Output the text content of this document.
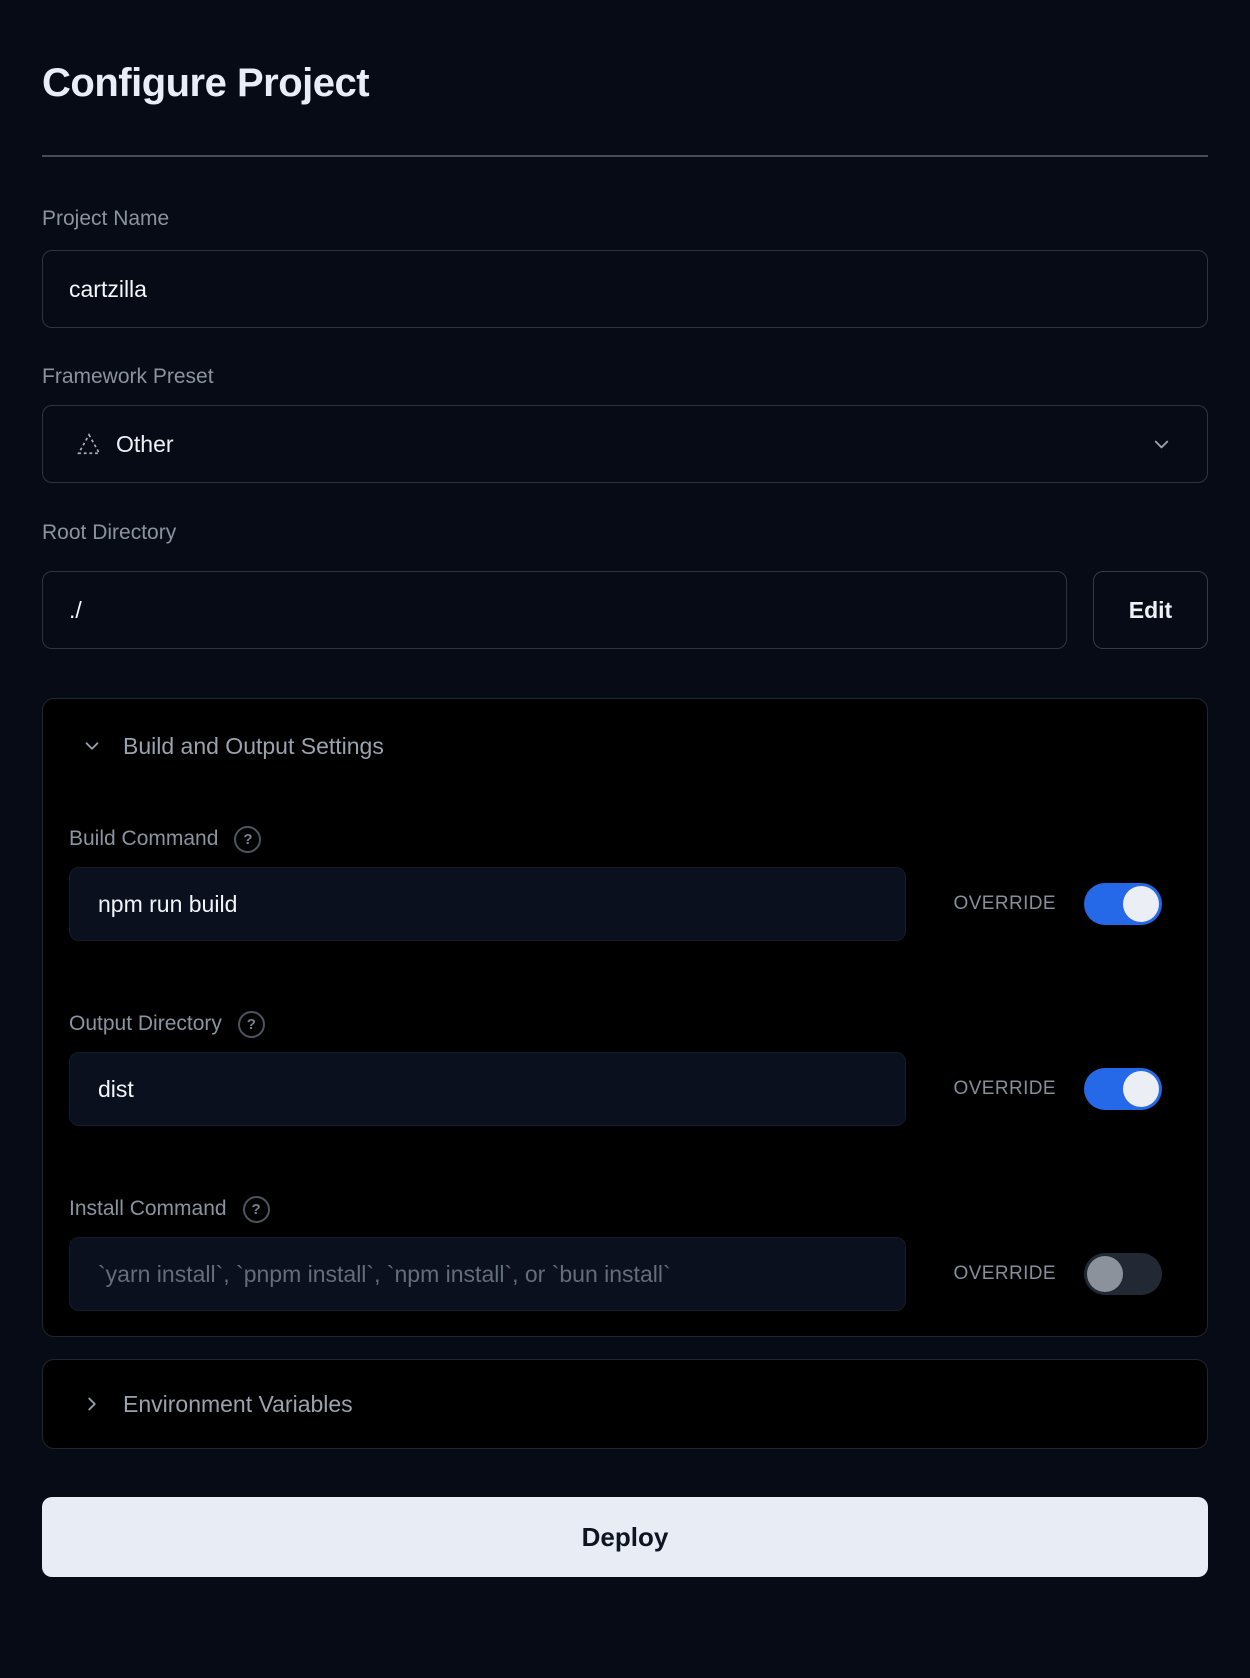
Configure Project
Project Name
cartzilla
Framework Preset
Other
Root Directory
./
Edit
Build and Output Settings
Build Command	?
npm run build
OVERRIDE
Output Directory	?
dist
OVERRIDE
Install Command	?
`yarn install`, `pnpm install`, `npm install`, or `bun install`
OVERRIDE
Environment Variables
Deploy
